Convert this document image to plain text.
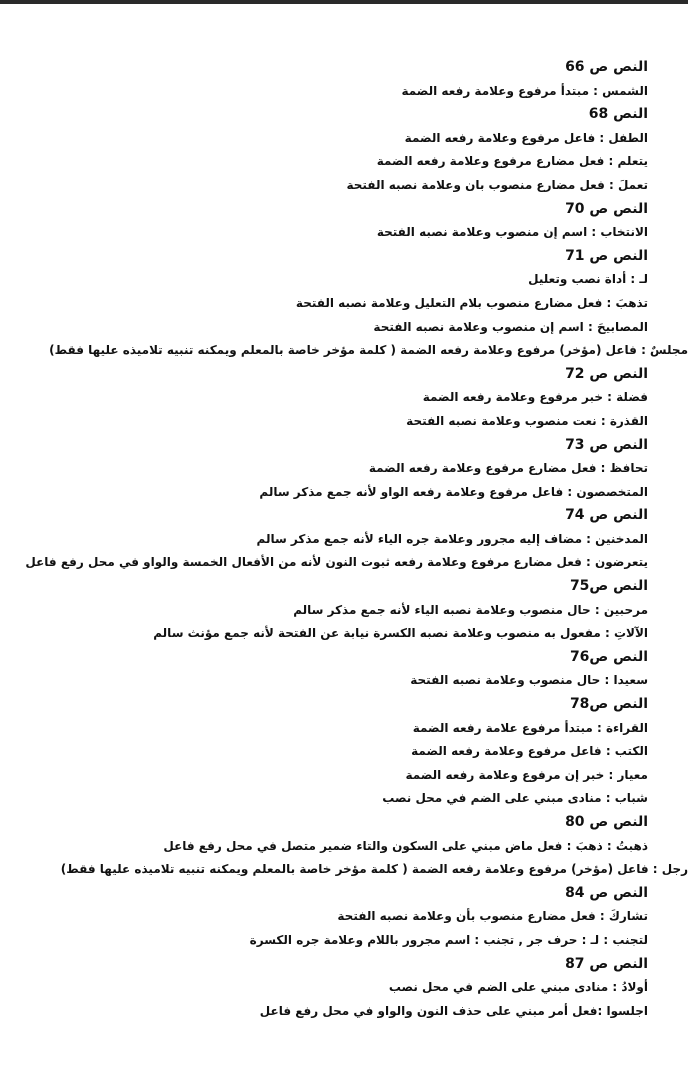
النص ص 66
الشمس : مبتدأ مرفوع وعلامة رفعه الضمة
النص 68
الطفل : فاعل مرفوع وعلامة رفعه الضمة
يتعلم : فعل مضارع مرفوع وعلامة رفعه الضمة
تعملَ : فعل مضارع منصوب بان وعلامة نصبه الفتحة
النص ص 70
الانتخاب : اسم إن منصوب وعلامة نصبه الفتحة
النص ص 71
لـ : أداة نصب وتعليل
تذهبَ : فعل مضارع منصوب بلام التعليل وعلامة نصبه الفتحة
المصابيحَ : اسم إن منصوب وعلامة نصبه الفتحة
مجلسٌ : فاعل (مؤخر) مرفوع وعلامة رفعه الضمة ( كلمة مؤخر خاصة بالمعلم ويمكنه تنبيه تلاميذه عليها فقط)
النص ص 72
فضلة : خبر مرفوع وعلامة رفعه الضمة
القذرة : نعت منصوب وعلامة نصبه الفتحة
النص ص 73
تحافظ : فعل مضارع مرفوع وعلامة رفعه الضمة
المتخصصون : فاعل مرفوع وعلامة رفعه الواو لأنه جمع مذكر سالم
النص ص 74
المدخنين : مضاف إليه مجرور وعلامة جره الياء لأنه جمع مذكر سالم
يتعرضون : فعل مضارع مرفوع وعلامة رفعه ثبوت النون لأنه من الأفعال الخمسة والواو في محل رفع فاعل
النص ص75
مرحبين : حال منصوب وعلامة نصبه الياء لأنه جمع مذكر سالم
الآلاتِ : مفعول به منصوب وعلامة نصبه الكسرة نيابة عن الفتحة لأنه جمع مؤنث سالم
النص ص76
سعيدا : حال منصوب وعلامة نصبه الفتحة
النص ص78
القراءة : مبتدأ مرفوع علامة رفعه الضمة
الكتب : فاعل مرفوع وعلامة رفعه الضمة
معيار : خبر إن مرفوع وعلامة رفعه الضمة
شباب : منادى مبني على الضم في محل نصب
النص ص 80
ذهبتُ : ذهبَ : فعل ماض مبني على السكون والتاء ضمير متصل في محل رفع فاعل
رجل : فاعل (مؤخر) مرفوع وعلامة رفعه الضمة ( كلمة مؤخر خاصة بالمعلم ويمكنه تنبيه تلاميذه عليها فقط)
النص ص 84
تشاركَ : فعل مضارع منصوب بأن وعلامة نصبه الفتحة
لتجنب : لـ : حرف جر , تجنب : اسم مجرور باللام وعلامة جره الكسرة
النص ص 87
أولادُ : منادى مبني على الضم في محل نصب
اجلسوا :فعل أمر مبني على حذف النون والواو في محل رفع فاعل
